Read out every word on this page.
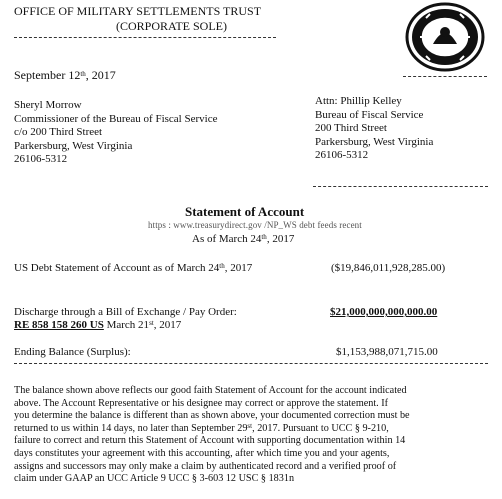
OFFICE OF MILITARY SETTLEMENTS TRUST
(CORPORATE SOLE)
September 12th, 2017
Sheryl Morrow
Commissioner of the Bureau of Fiscal Service
c/o 200 Third Street
Parkersburg, West Virginia
26106-5312
Attn: Phillip Kelley
Bureau of Fiscal Service
200 Third Street
Parkersburg, West Virginia
26106-5312
Statement of Account
https : www.treasurydirect.gov /NP_WS debt feeds recent
As of March 24th, 2017
US Debt Statement of Account as of March 24th, 2017	($19,846,011,928,285.00)
Discharge through a Bill of Exchange / Pay Order:	$21,000,000,000,000.00
RE 858 158 260 US March 21st, 2017
Ending Balance (Surplus):	$1,153,988,071,715.00
The balance shown above reflects our good faith Statement of Account for the account indicated
above. The Account Representative or his designee may correct or approve the statement. If
you determine the balance is different than as shown above, your documented correction must be
returned to us within 14 days, no later than September 29st, 2017. Pursuant to UCC § 9-210,
failure to correct and return this Statement of Account with supporting documentation within 14
days constitutes your agreement with this accounting, after which time you and your agents,
assigns and successors may only make a claim by authenticated record and a verified proof of
claim under GAAP an UCC Article 9 UCC § 3-603 12 USC § 1831n
